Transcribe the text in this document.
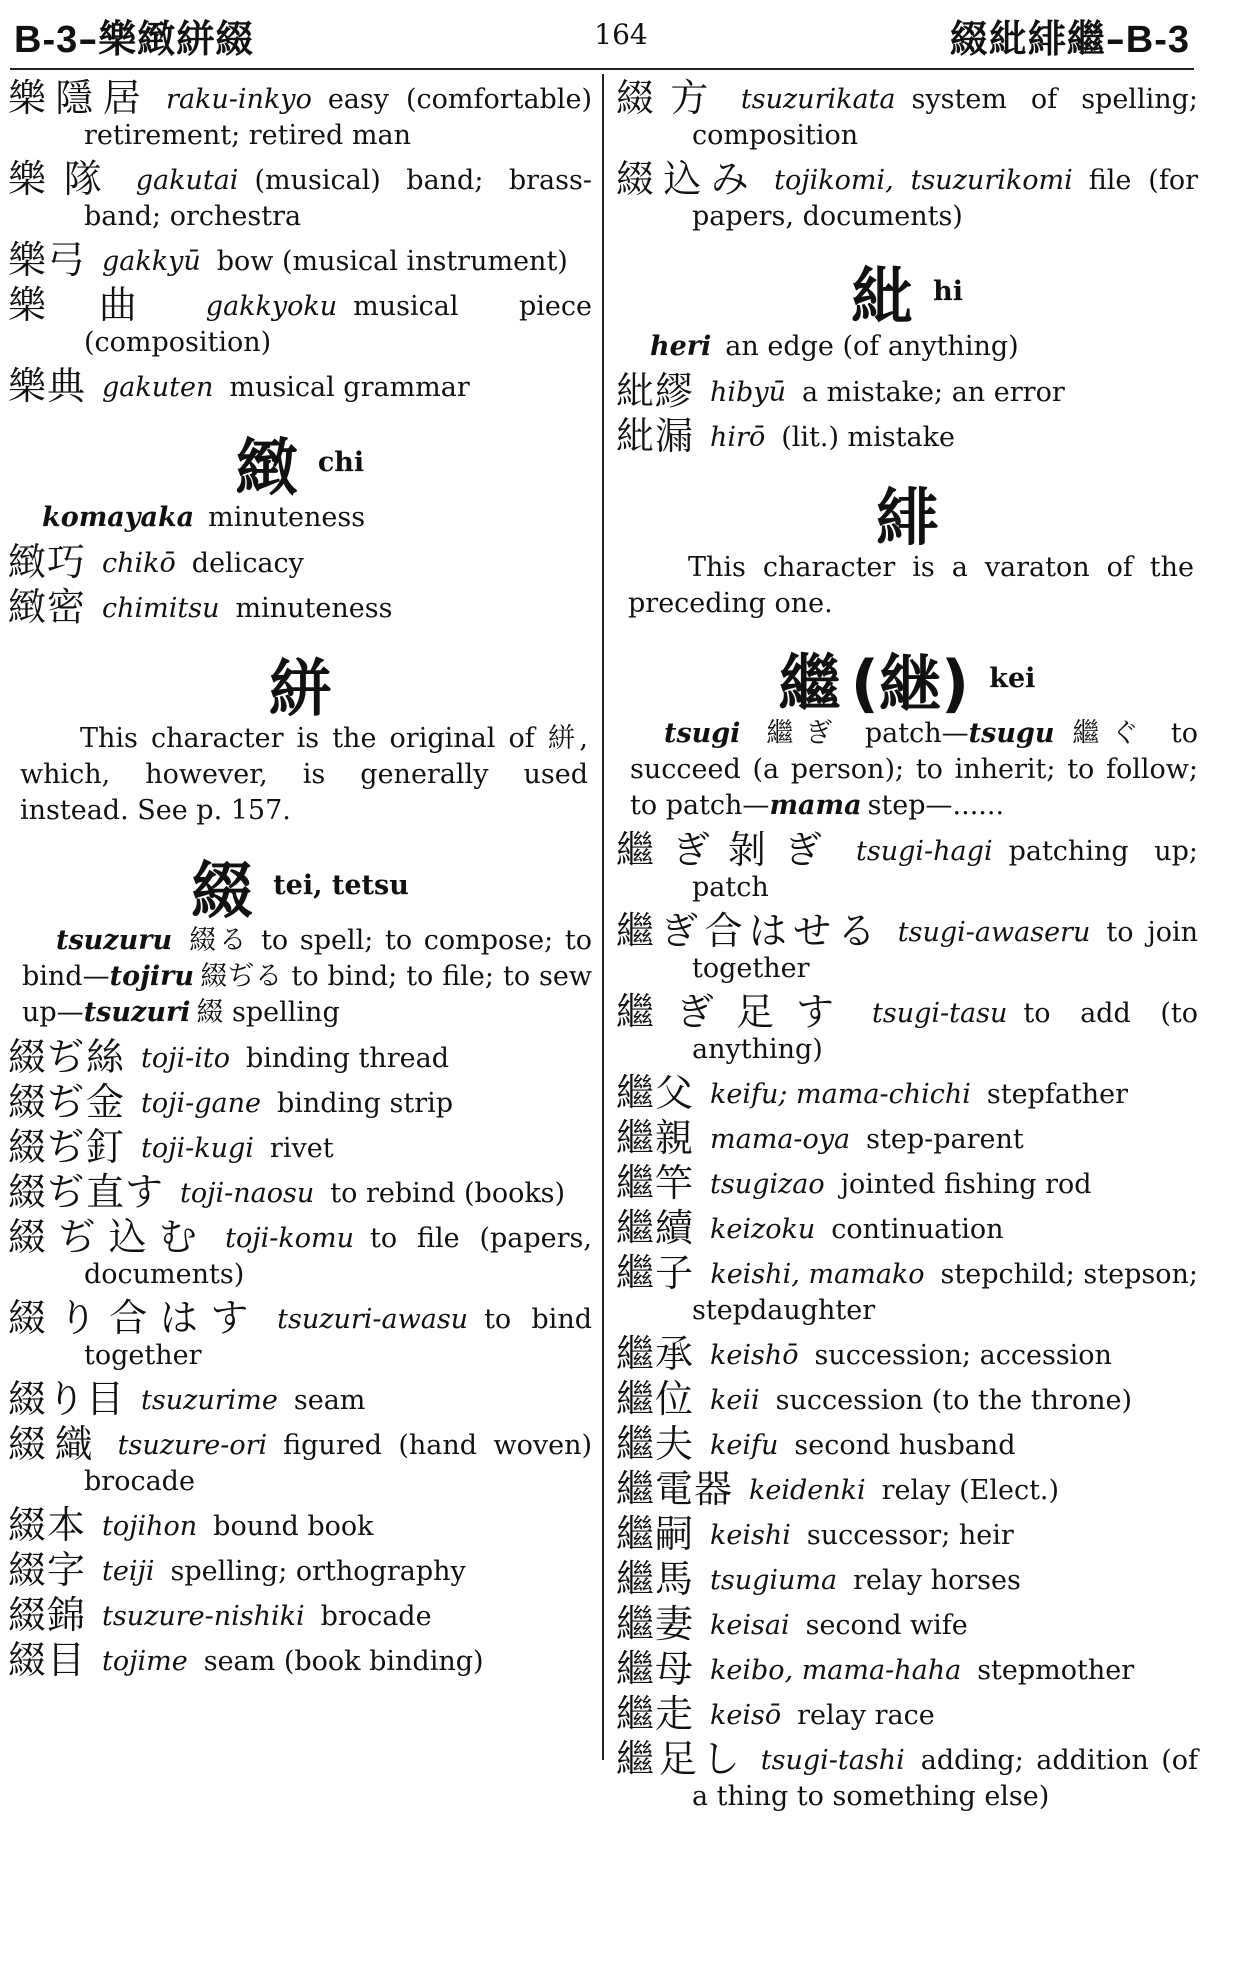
B-3–樂緻絣綴	164	綴紕緋繼–B-3
樂隱居 raku-inkyo easy (comfortable) retirement; retired man
樂隊 gakutai (musical) band; brass-band; orchestra
樂弓 gakkyū bow (musical instrument)
樂曲 gakkyoku musical piece (composition)
樂典 gakuten musical grammar
緻chi
komayaka minuteness
緻巧 chikō delicacy
緻密 chimitsu minuteness
絣
This character is the original of 絣, which, however, is generally used instead. See p. 157.
綴tei, tetsu
tsuzuru 綴る to spell; to compose; to bind—tojiru 綴ぢる to bind; to file; to sew up—tsuzuri 綴 spelling
綴ぢ絲 toji-ito binding thread
綴ぢ金 toji-gane binding strip
綴ぢ釘 toji-kugi rivet
綴ぢ直す toji-naosu to rebind (books)
綴ぢ込む toji-komu to file (papers, documents)
綴り合はす tsuzuri-awasu to bind together
綴り目 tsuzurime seam
綴織 tsuzure-ori figured (hand woven) brocade
綴本 tojihon bound book
綴字 teiji spelling; orthography
綴錦 tsuzure-nishiki brocade
綴目 tojime seam (book binding)
綴方 tsuzurikata system of spelling; composition
綴込み tojikomi, tsuzurikomi file (for papers, documents)
紕hi
heri an edge (of anything)
紕繆 hibyū a mistake; an error
紕漏 hirō (lit.) mistake
緋
This character is a varaton of the preceding one.
繼 (継) kei
tsugi 繼ぎ patch—tsugu 繼ぐ to succeed (a person); to inherit; to follow; to patch—mama step—......
繼ぎ剝ぎ tsugi-hagi patching up; patch
繼ぎ合はせる tsugi-awaseru to join together
繼ぎ足す tsugi-tasu to add (to anything)
繼父 keifu; mama-chichi stepfather
繼親 mama-oya step-parent
繼竿 tsugizao jointed fishing rod
繼續 keizoku continuation
繼子 keishi, mamako stepchild; stepson; stepdaughter
繼承 keishō succession; accession
繼位 keii succession (to the throne)
繼夫 keifu second husband
繼電器 keidenki relay (Elect.)
繼嗣 keishi successor; heir
繼馬 tsugiuma relay horses
繼妻 keisai second wife
繼母 keibo, mama-haha stepmother
繼走 keisō relay race
繼足し tsugi-tashi adding; addition (of a thing to something else)
